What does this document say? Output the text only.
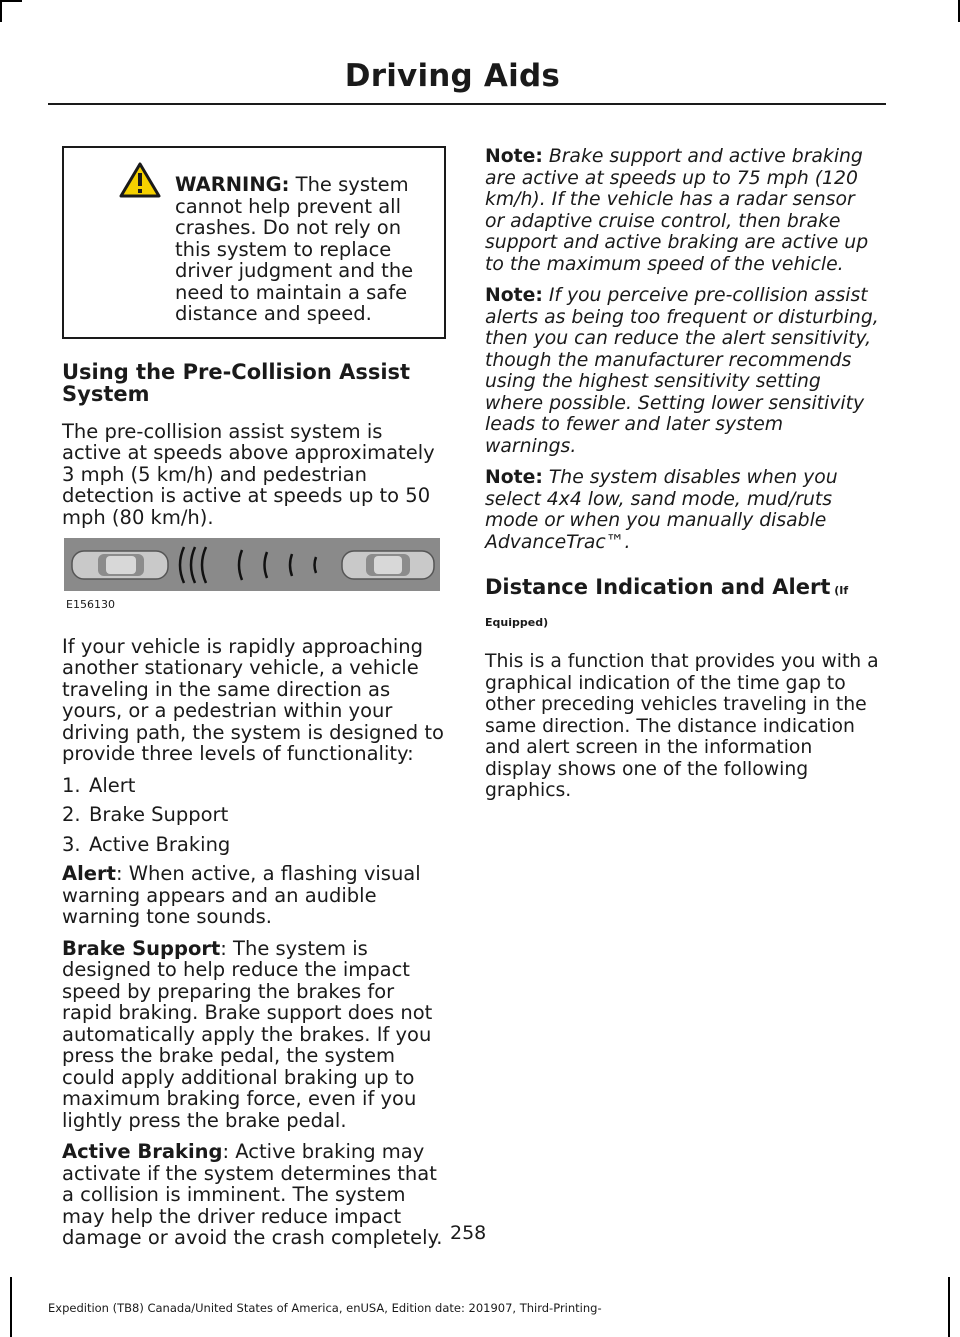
Driving Aids
WARNING: The system cannot help prevent all crashes. Do not rely on this system to replace driver judgment and the need to maintain a safe distance and speed.
Using the Pre-Collision Assist System

The pre-collision assist system is active at speeds above approximately 3 mph (5 km/h) and pedestrian detection is active at speeds up to 50 mph (80 km/h).

E156130

If your vehicle is rapidly approaching another stationary vehicle, a vehicle traveling in the same direction as yours, or a pedestrian within your driving path, the system is designed to provide three levels of functionality:

1. Alert
2. Brake Support
3. Active Braking

Alert: When active, a flashing visual warning appears and an audible warning tone sounds.

Brake Support: The system is designed to help reduce the impact speed by preparing the brakes for rapid braking. Brake support does not automatically apply the brakes. If you press the brake pedal, the system could apply additional braking up to maximum braking force, even if you lightly press the brake pedal.

Active Braking: Active braking may activate if the system determines that a collision is imminent. The system may help the driver reduce impact damage or avoid the crash completely.

Note: Brake support and active braking are active at speeds up to 75 mph (120 km/h). If the vehicle has a radar sensor or adaptive cruise control, then brake support and active braking are active up to the maximum speed of the vehicle.

Note: If you perceive pre-collision assist alerts as being too frequent or disturbing, then you can reduce the alert sensitivity, though the manufacturer recommends using the highest sensitivity setting where possible. Setting lower sensitivity leads to fewer and later system warnings.

Note: The system disables when you select 4x4 low, sand mode, mud/ruts mode or when you manually disable AdvanceTrac™.

Distance Indication and Alert (If Equipped)

This is a function that provides you with a graphical indication of the time gap to other preceding vehicles traveling in the same direction. The distance indication and alert screen in the information display shows one of the following graphics.

258
Expedition (TB8) Canada/United States of America, enUSA, Edition date: 201907, Third-Printing-
